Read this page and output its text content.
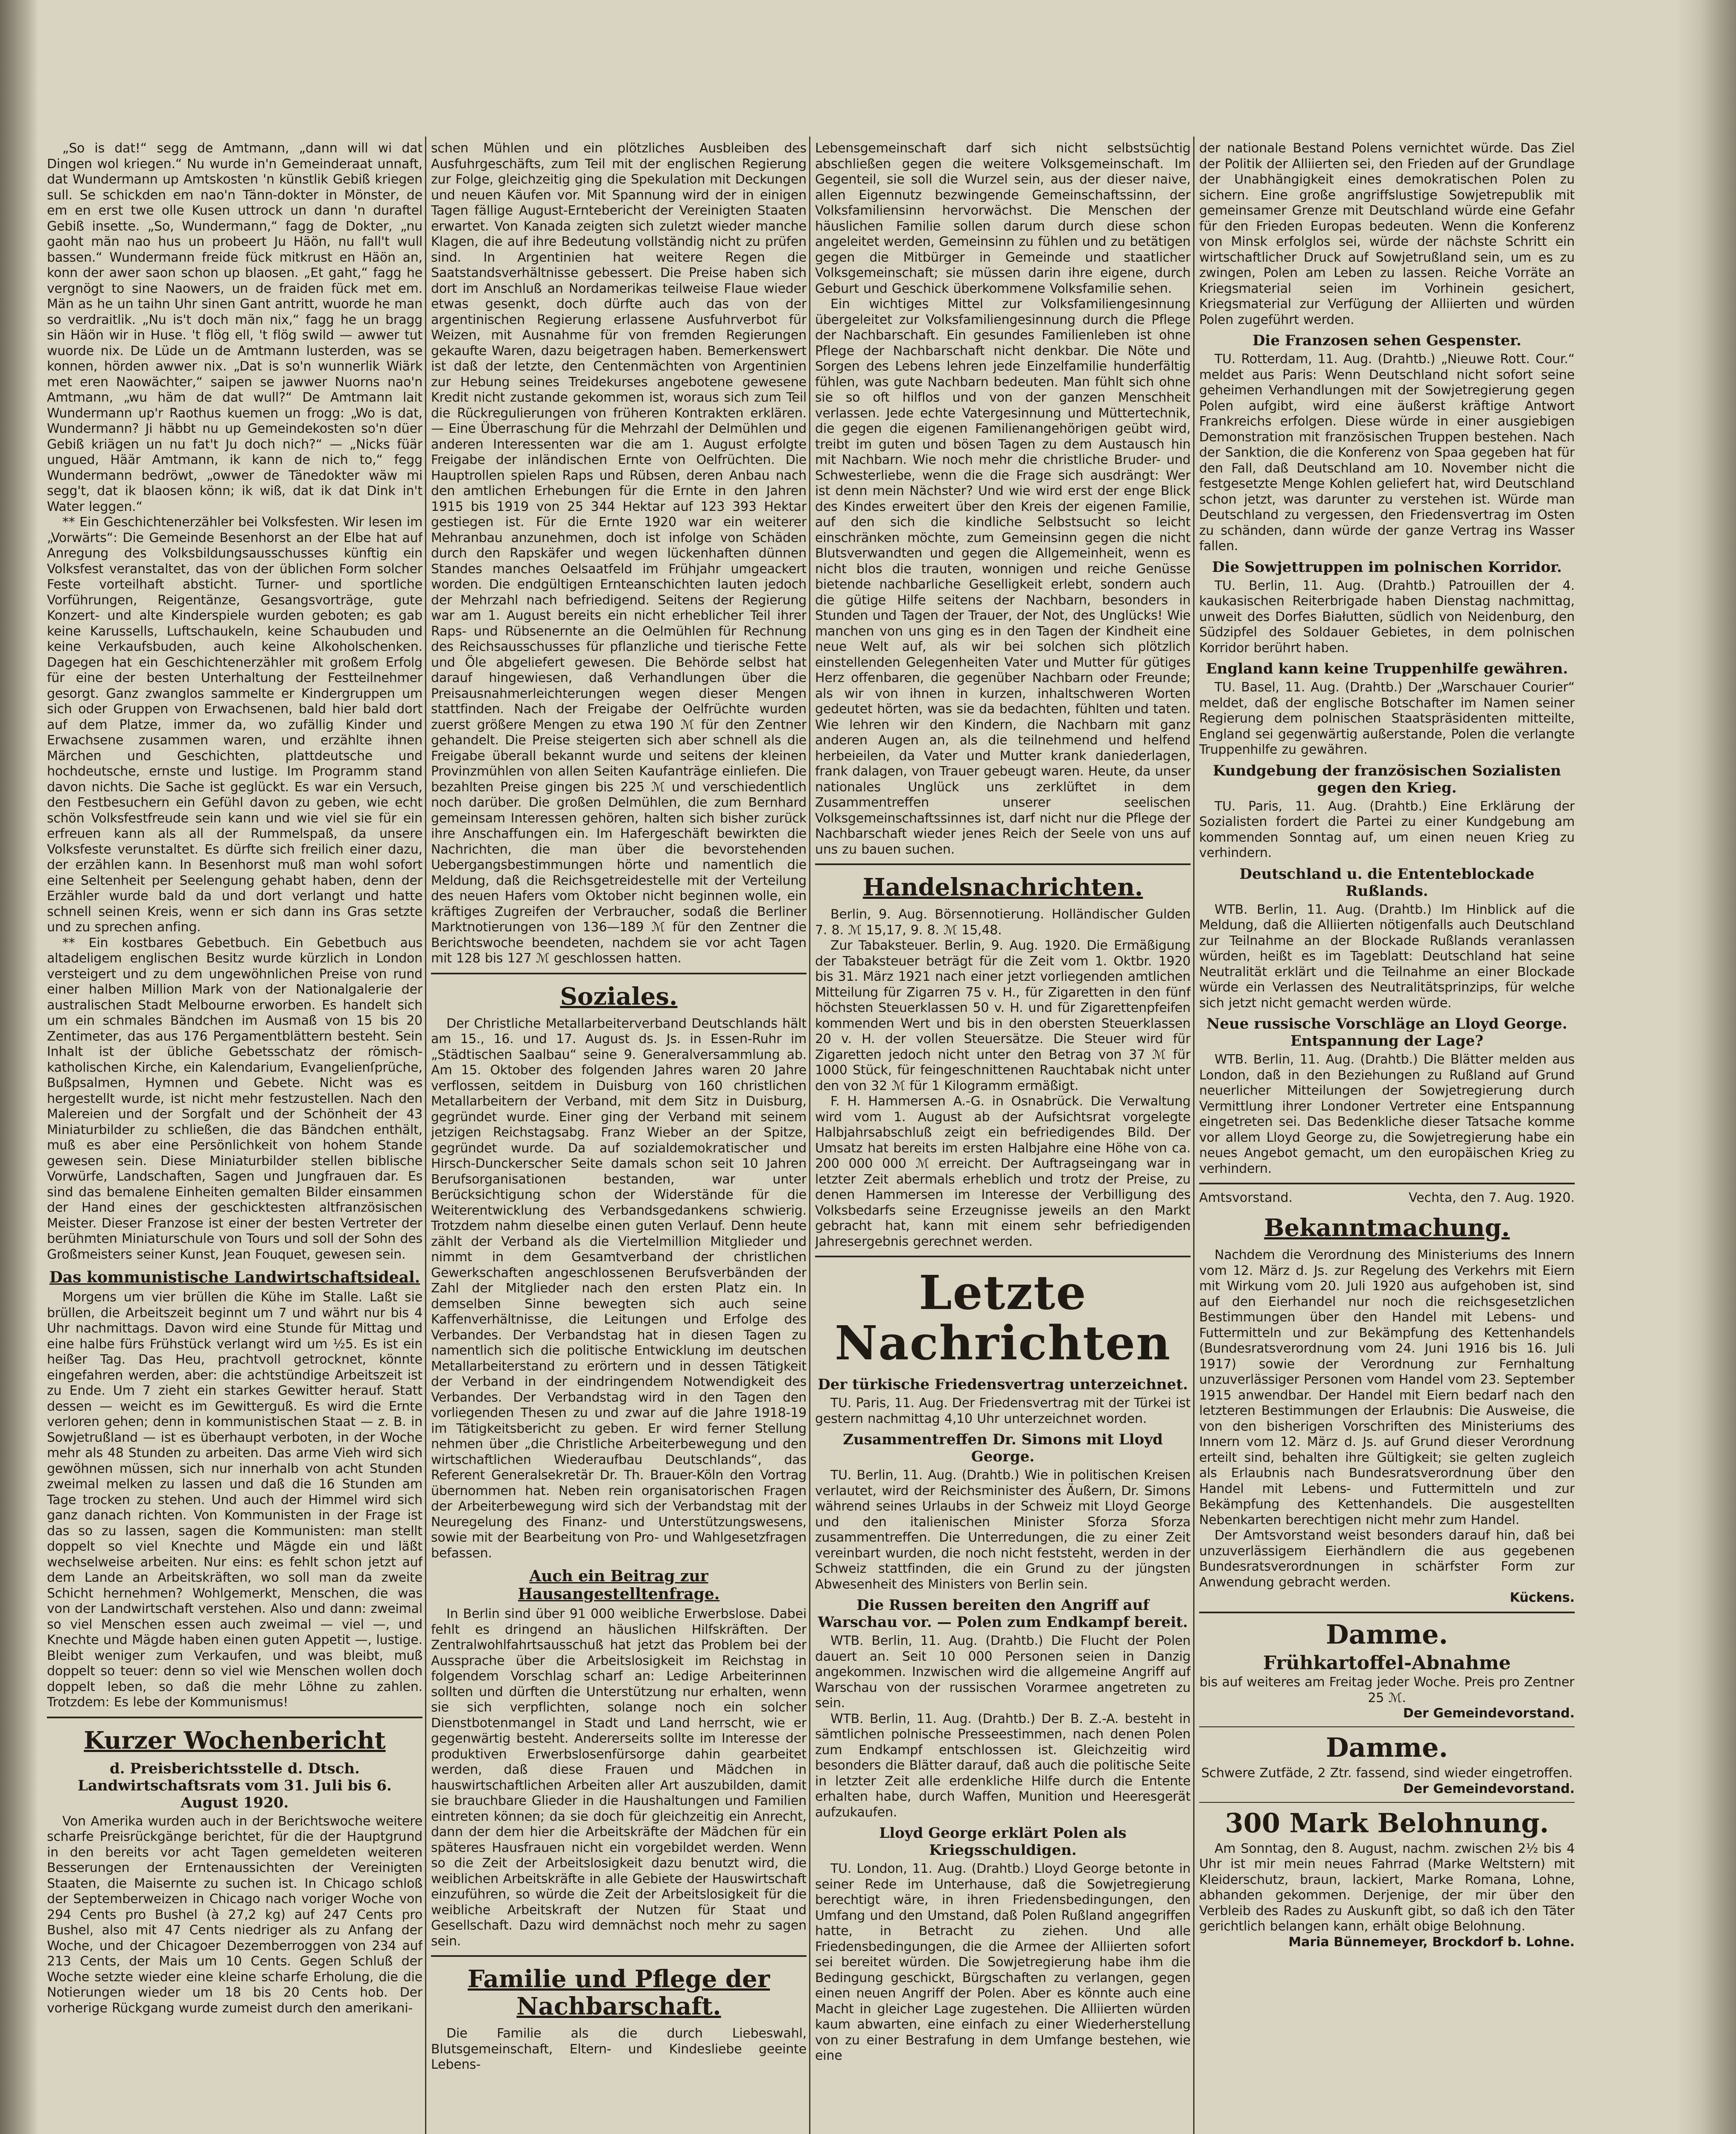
„So is dat!“ segg de Amtmann, „dann will wi dat Dingen wol kriegen.“ Nu wurde in'n Gemeinderaat unnaft, dat Wundermann up Amtskosten 'n künstlik Gebiß kriegen sull. Se schickden em nao'n Tänn-dokter in Mönster, de em en erst twe olle Kusen uttrock un dann 'n duraftel Gebiß insette. „So, Wundermann,“ fagg de Dokter, „nu gaoht män nao hus un probeert Ju Häön, nu fall't wull bassen.“ Wundermann freide fück mitkrust en Häön an, konn der awer saon schon up blaosen. „Et gaht,“ fagg he vergnögt to sine Naowers, un de fraiden fück met em. Män as he un taihn Uhr sinen Gant antritt, wuorde he man so verdraitlik. „Nu is't doch män nix,“ fagg he un bragg sin Häön wir in Huse. 't flög ell, 't flög swild — awwer tut wuorde nix. De Lüde un de Amtmann lusterden, was se konnen, hörden awwer nix. „Dat is so'n wunnerlik Wiärk met eren Naowächter,“ saipen se jawwer Nuorns nao'n Amtmann, „wu häm de dat wull?“ De Amtmann lait Wundermann up'r Raothus kuemen un frogg: „Wo is dat, Wundermann? Ji häbbt nu up Gemeindekosten so'n düer Gebiß kriägen un nu fat't Ju doch nich?“ — „Nicks füär ungued, Häär Amtmann, ik kann de nich to,“ fegg Wundermann bedröwt, „owwer de Tänedokter wäw mi segg't, dat ik blaosen könn; ik wiß, dat ik dat Dink in't Water leggen.“

** Ein Geschichtenerzähler bei Volksfesten. Wir lesen im „Vorwärts“: Die Gemeinde Besenhorst an der Elbe hat auf Anregung des Volksbildungsausschusses künftig ein Volksfest veranstaltet, das von der üblichen Form solcher Feste vorteilhaft absticht. Turner- und sportliche Vorführungen, Reigentänze, Gesangsvorträge, gute Konzert- und alte Kinderspiele wurden geboten; es gab keine Karussells, Luftschaukeln, keine Schaubuden und keine Verkaufsbuden, auch keine Alkoholschenken. Dagegen hat ein Geschichtenerzähler mit großem Erfolg für eine der besten Unterhaltung der Festteilnehmer gesorgt. Ganz zwanglos sammelte er Kindergruppen um sich oder Gruppen von Erwachsenen, bald hier bald dort auf dem Platze, immer da, wo zufällig Kinder und Erwachsene zusammen waren, und erzählte ihnen Märchen und Geschichten, plattdeutsche und hochdeutsche, ernste und lustige. Im Programm stand davon nichts. Die Sache ist geglückt. Es war ein Versuch, den Festbesuchern ein Gefühl davon zu geben, wie echt schön Volksfestfreude sein kann und wie viel sie für ein erfreuen kann als all der Rummelspaß, da unsere Volksfeste verunstaltet. Es dürfte sich freilich einer dazu, der erzählen kann. In Besenhorst muß man wohl sofort eine Seltenheit per Seelengung gehabt haben, denn der Erzähler wurde bald da und dort verlangt und hatte schnell seinen Kreis, wenn er sich dann ins Gras setzte und zu sprechen anfing.

** Ein kostbares Gebetbuch. Ein Gebetbuch aus altadeligem englischen Besitz wurde kürzlich in London versteigert und zu dem ungewöhnlichen Preise von rund einer halben Million Mark von der Nationalgalerie der australischen Stadt Melbourne erworben. Es handelt sich um ein schmales Bändchen im Ausmaß von 15 bis 20 Zentimeter, das aus 176 Pergamentblättern besteht. Sein Inhalt ist der übliche Gebetsschatz der römisch-katholischen Kirche, ein Kalendarium, Evangelienſprüche, Bußpsalmen, Hymnen und Gebete. Nicht was es hergestellt wurde, ist nicht mehr festzustellen. Nach den Malereien und der Sorgfalt und der Schönheit der 43 Miniaturbilder zu schließen, die das Bändchen enthält, muß es aber eine Persönlichkeit von hohem Stande gewesen sein. Diese Miniaturbilder stellen biblische Vorwürfe, Landschaften, Sagen und Jungfrauen dar. Es sind das bemalene Einheiten gemalten Bilder einsammen der Hand eines der geschicktesten altfranzösischen Meister. Dieser Franzose ist einer der besten Vertreter der berühmten Miniaturschule von Tours und soll der Sohn des Großmeisters seiner Kunst, Jean Fouquet, gewesen sein.

Das kommunistische Landwirtschaftsideal.

Morgens um vier brüllen die Kühe im Stalle. Laßt sie brüllen, die Arbeitszeit beginnt um 7 und währt nur bis 4 Uhr nachmittags. Davon wird eine Stunde für Mittag und eine halbe fürs Frühstück verlangt wird um ½5. Es ist ein heißer Tag. Das Heu, prachtvoll getrocknet, könnte eingefahren werden, aber: die achtstündige Arbeitszeit ist zu Ende. Um 7 zieht ein starkes Gewitter herauf. Statt dessen — weicht es im Gewitterguß. Es wird die Ernte verloren gehen; denn in kommunistischen Staat — z. B. in Sowjetrußland — ist es überhaupt verboten, in der Woche mehr als 48 Stunden zu arbeiten. Das arme Vieh wird sich gewöhnen müssen, sich nur innerhalb von acht Stunden zweimal melken zu lassen und daß die 16 Stunden am Tage trocken zu stehen. Und auch der Himmel wird sich ganz danach richten. Von Kommunisten in der Frage ist das so zu lassen, sagen die Kommunisten: man stellt doppelt so viel Knechte und Mägde ein und läßt wechselweise arbeiten. Nur eins: es fehlt schon jetzt auf dem Lande an Arbeitskräften, wo soll man da zweite Schicht hernehmen? Wohlgemerkt, Menschen, die was von der Landwirtschaft verstehen. Also und dann: zweimal so viel Menschen essen auch zweimal — viel —, und Knechte und Mägde haben einen guten Appetit —, lustige. Bleibt weniger zum Verkaufen, und was bleibt, muß doppelt so teuer: denn so viel wie Menschen wollen doch doppelt leben, so daß die mehr Löhne zu zahlen. Trotzdem: Es lebe der Kommunismus!

Kurzer Wochenbericht
d. Preisberichtsstelle d. Dtsch. Landwirtschaftsrats vom 31. Juli bis 6. August 1920.

Von Amerika wurden auch in der Berichtswoche weitere scharfe Preisrückgänge berichtet, für die der Hauptgrund in den bereits vor acht Tagen gemeldeten weiteren Besserungen der Erntenaussichten der Vereinigten Staaten, die Maisernte zu suchen ist. In Chicago schloß der Septemberweizen in Chicago nach voriger Woche von 294 Cents pro Bushel (à 27,2 kg) auf 247 Cents pro Bushel, also mit 47 Cents niedriger als zu Anfang der Woche, und der Chicagoer Dezemberroggen von 234 auf 213 Cents, der Mais um 10 Cents. Gegen Schluß der Woche setzte wieder eine kleine scharfe Erholung, die die Notierungen wieder um 18 bis 20 Cents hob. Der vorherige Rückgang wurde zumeist durch den amerikani-

schen Mühlen und ein plötzliches Ausbleiben des Ausfuhrgeschäfts, zum Teil mit der englischen Regierung zur Folge, gleichzeitig ging die Spekulation mit Deckungen und neuen Käufen vor. Mit Spannung wird der in einigen Tagen fällige August-Erntebericht der Vereinigten Staaten erwartet. Von Kanada zeigten sich zuletzt wieder manche Klagen, die auf ihre Bedeutung vollständig nicht zu prüfen sind. In Argentinien hat weitere Regen die Saatstandsverhältnisse gebessert. Die Preise haben sich dort im Anschluß an Nordamerikas teilweise Flaue wieder etwas gesenkt, doch dürfte auch das von der argentinischen Regierung erlassene Ausfuhrverbot für Weizen, mit Ausnahme für von fremden Regierungen gekaufte Waren, dazu beigetragen haben. Bemerkenswert ist daß der letzte, den Centenmächten von Argentinien zur Hebung seines Treidekurses angebotene gewesene Kredit nicht zustande gekommen ist, woraus sich zum Teil die Rückregulierungen von früheren Kontrakten erklären. — Eine Überraschung für die Mehrzahl der Delmühlen und anderen Interessenten war die am 1. August erfolgte Freigabe der inländischen Ernte von Oelfrüchten. Die Hauptrollen spielen Raps und Rübsen, deren Anbau nach den amtlichen Erhebungen für die Ernte in den Jahren 1915 bis 1919 von 25 344 Hektar auf 123 393 Hektar gestiegen ist. Für die Ernte 1920 war ein weiterer Mehranbau anzunehmen, doch ist infolge von Schäden durch den Rapskäfer und wegen lückenhaften dünnen Standes manches Oelsaatfeld im Frühjahr umgeackert worden. Die endgültigen Ernteanschichten lauten jedoch der Mehrzahl nach befriedigend. Seitens der Regierung war am 1. August bereits ein nicht erheblicher Teil ihrer Raps- und Rübsenernte an die Oelmühlen für Rechnung des Reichsausschusses für pflanzliche und tierische Fette und Öle abgeliefert gewesen. Die Behörde selbst hat darauf hingewiesen, daß Verhandlungen über die Preisausnahmerleichterungen wegen dieser Mengen stattfinden. Nach der Freigabe der Oelfrüchte wurden zuerst größere Mengen zu etwa 190 ℳ für den Zentner gehandelt. Die Preise steigerten sich aber schnell als die Freigabe überall bekannt wurde und seitens der kleinen Provinzmühlen von allen Seiten Kaufanträge einliefen. Die bezahlten Preise gingen bis 225 ℳ und verschiedentlich noch darüber. Die großen Delmühlen, die zum Bernhard gemeinsam Interessen gehören, halten sich bisher zurück ihre Anschaffungen ein. Im Hafergeschäft bewirkten die Nachrichten, die man über die bevorstehenden Uebergangsbestimmungen hörte und namentlich die Meldung, daß die Reichsgetreidestelle mit der Verteilung des neuen Hafers vom Oktober nicht beginnen wolle, ein kräftiges Zugreifen der Verbraucher, sodaß die Berliner Marktnotierungen von 136—189 ℳ für den Zentner die Berichtswoche beendeten, nachdem sie vor acht Tagen mit 128 bis 127 ℳ geschlossen hatten.

Soziales.

Der Christliche Metallarbeiterverband Deutschlands hält am 15., 16. und 17. August ds. Js. in Essen-Ruhr im „Städtischen Saalbau“ seine 9. Generalversammlung ab. Am 15. Oktober des folgenden Jahres waren 20 Jahre verflossen, seitdem in Duisburg von 160 christlichen Metallarbeitern der Verband, mit dem Sitz in Duisburg, gegründet wurde. Einer ging der Verband mit seinem jetzigen Reichstagsabg. Franz Wieber an der Spitze, gegründet wurde. Da auf sozialdemokratischer und Hirsch-Dunckerscher Seite damals schon seit 10 Jahren Berufsorganisationen bestanden, war unter Berücksichtigung schon der Widerstände für die Weiterentwicklung des Verbandsgedankens schwierig. Trotzdem nahm dieselbe einen guten Verlauf. Denn heute zählt der Verband als die Viertelmillion Mitglieder und nimmt in dem Gesamtverband der christlichen Gewerkschaften angeschlossenen Berufsverbänden der Zahl der Mitglieder nach den ersten Platz ein. In demselben Sinne bewegten sich auch seine Kaffenverhältnisse, die Leitungen und Erfolge des Verbandes. Der Verbandstag hat in diesen Tagen zu namentlich sich die politische Entwicklung im deutschen Metallarbeiterstand zu erörtern und in dessen Tätigkeit der Verband in der eindringendem Notwendigkeit des Verbandes. Der Verbandstag wird in den Tagen den vorliegenden Thesen zu und zwar auf die Jahre 1918-19 im Tätigkeitsbericht zu geben. Er wird ferner Stellung nehmen über „die Christliche Arbeiterbewegung und den wirtschaftlichen Wiederaufbau Deutschlands“, das Referent Generalsekretär Dr. Th. Brauer-Köln den Vortrag übernommen hat. Neben rein organisatorischen Fragen der Arbeiterbewegung wird sich der Verbandstag mit der Neuregelung des Finanz- und Unterstützungswesens, sowie mit der Bearbeitung von Pro- und Wahlgesetzfragen befassen.

Auch ein Beitrag zur Hausangestelltenfrage.

In Berlin sind über 91 000 weibliche Erwerbslose. Dabei fehlt es dringend an häuslichen Hilfskräften. Der Zentralwohlfahrtsausschuß hat jetzt das Problem bei der Aussprache über die Arbeitslosigkeit im Reichstag in folgendem Vorschlag scharf an: Ledige Arbeiterinnen sollten und dürften die Unterstützung nur erhalten, wenn sie sich verpflichten, solange noch ein solcher Dienstbotenmangel in Stadt und Land herrscht, wie er gegenwärtig besteht. Andererseits sollte im Interesse der produktiven Erwerbslosenfürsorge dahin gearbeitet werden, daß diese Frauen und Mädchen in hauswirtschaftlichen Arbeiten aller Art auszubilden, damit sie brauchbare Glieder in die Haushaltungen und Familien eintreten können; da sie doch für gleichzeitig ein Anrecht, dann der dem hier die Arbeitskräfte der Mädchen für ein späteres Hausfrauen nicht ein vorgebildet werden. Wenn so die Zeit der Arbeitslosigkeit dazu benutzt wird, die weiblichen Arbeitskräfte in alle Gebiete der Hauswirtschaft einzuführen, so würde die Zeit der Arbeitslosigkeit für die weibliche Arbeitskraft der Nutzen für Staat und Gesellschaft. Dazu wird demnächst noch mehr zu sagen sein.

Familie und Pflege der Nachbarschaft.

Die Familie als die durch Liebeswahl, Blutsgemeinschaft, Eltern- und Kindesliebe geeinte Lebens-

Lebensgemeinschaft darf sich nicht selbstsüchtig abschließen gegen die weitere Volksgemeinschaft. Im Gegenteil, sie soll die Wurzel sein, aus der dieser naive, allen Eigennutz bezwingende Gemeinschaftssinn, der Volksfamiliensinn hervorwächst. Die Menschen der häuslichen Familie sollen darum durch diese schon angeleitet werden, Gemeinsinn zu fühlen und zu betätigen gegen die Mitbürger in Gemeinde und staatlicher Volksgemeinschaft; sie müssen darin ihre eigene, durch Geburt und Geschick überkommene Volksfamilie sehen.

Ein wichtiges Mittel zur Volksfamiliengesinnung übergeleitet zur Volksfamiliengesinnung durch die Pflege der Nachbarschaft. Ein gesundes Familienleben ist ohne Pflege der Nachbarschaft nicht denkbar. Die Nöte und Sorgen des Lebens lehren jede Einzelfamilie hunderfältig fühlen, was gute Nachbarn bedeuten. Man fühlt sich ohne sie so oft hilflos und von der ganzen Menschheit verlassen. Jede echte Vatergesinnung und Müttertechnik, die gegen die eigenen Familienangehörigen geübt wird, treibt im guten und bösen Tagen zu dem Austausch hin mit Nachbarn. Wie noch mehr die christliche Bruder- und Schwesterliebe, wenn die die Frage sich ausdrängt: Wer ist denn mein Nächster? Und wie wird erst der enge Blick des Kindes erweitert über den Kreis der eigenen Familie, auf den sich die kindliche Selbstsucht so leicht einschränken möchte, zum Gemeinsinn gegen die nicht Blutsverwandten und gegen die Allgemeinheit, wenn es nicht blos die trauten, wonnigen und reiche Genüsse bietende nachbarliche Geselligkeit erlebt, sondern auch die gütige Hilfe seitens der Nachbarn, besonders in Stunden und Tagen der Trauer, der Not, des Unglücks! Wie manchen von uns ging es in den Tagen der Kindheit eine neue Welt auf, als wir bei solchen sich plötzlich einstellenden Gelegenheiten Vater und Mutter für gütiges Herz offenbaren, die gegenüber Nachbarn oder Freunde; als wir von ihnen in kurzen, inhaltschweren Worten gedeutet hörten, was sie da bedachten, fühlten und taten. Wie lehren wir den Kindern, die Nachbarn mit ganz anderen Augen an, als die teilnehmend und helfend herbeieilen, da Vater und Mutter krank daniederlagen, frank dalagen, von Trauer gebeugt waren. Heute, da unser nationales Unglück uns zerklüftet in dem Zusammentreffen unserer seelischen Volksgemeinschaftssinnes ist, darf nicht nur die Pflege der Nachbarschaft wieder jenes Reich der Seele von uns auf uns zu bauen suchen.

Handelsnachrichten.

Berlin, 9. Aug. Börsennotierung. Holländischer Gulden 7. 8. ℳ 15,17, 9. 8. ℳ 15,48.

Zur Tabaksteuer. Berlin, 9. Aug. 1920. Die Ermäßigung der Tabaksteuer beträgt für die Zeit vom 1. Oktbr. 1920 bis 31. März 1921 nach einer jetzt vorliegenden amtlichen Mitteilung für Zigarren 75 v. H., für Zigaretten in den fünf höchsten Steuerklassen 50 v. H. und für Zigarettenpfeifen kommenden Wert und bis in den obersten Steuerklassen 20 v. H. der vollen Steuersätze. Die Steuer wird für Zigaretten jedoch nicht unter den Betrag von 37 ℳ für 1000 Stück, für feingeschnittenen Rauchtabak nicht unter den von 32 ℳ für 1 Kilogramm ermäßigt.

F. H. Hammersen A.-G. in Osnabrück. Die Verwaltung wird vom 1. August ab der Aufsichtsrat vorgelegte Halbjahrsabschluß zeigt ein befriedigendes Bild. Der Umsatz hat bereits im ersten Halbjahre eine Höhe von ca. 200 000 000 ℳ erreicht. Der Auftragseingang war in letzter Zeit abermals erheblich und trotz der Preise, zu denen Hammersen im Interesse der Verbilligung des Volksbedarfs seine Erzeugnisse jeweils an den Markt gebracht hat, kann mit einem sehr befriedigenden Jahresergebnis gerechnet werden.

Letzte Nachrichten
Der türkische Friedensvertrag unterzeichnet.

TU. Paris, 11. Aug. Der Friedensvertrag mit der Türkei ist gestern nachmittag 4,10 Uhr unterzeichnet worden.

Zusammentreffen Dr. Simons mit Lloyd George.

TU. Berlin, 11. Aug. (Drahtb.) Wie in politischen Kreisen verlautet, wird der Reichsminister des Äußern, Dr. Simons während seines Urlaubs in der Schweiz mit Lloyd George und den italienischen Minister Sforza Sforza zusammentreffen. Die Unterredungen, die zu einer Zeit vereinbart wurden, die noch nicht feststeht, werden in der Schweiz stattfinden, die ein Grund zu der jüngsten Abwesenheit des Ministers von Berlin sein.

Die Russen bereiten den Angriff auf Warschau vor. — Polen zum Endkampf bereit.

WTB. Berlin, 11. Aug. (Drahtb.) Die Flucht der Polen dauert an. Seit 10 000 Personen seien in Danzig angekommen. Inzwischen wird die allgemeine Angriff auf Warschau von der russischen Vorarmee angetreten zu sein.

WTB. Berlin, 11. Aug. (Drahtb.) Der B. Z.-A. besteht in sämtlichen polnische Presseestimmen, nach denen Polen zum Endkampf entschlossen ist. Gleichzeitig wird besonders die Blätter darauf, daß auch die politische Seite in letzter Zeit alle erdenkliche Hilfe durch die Entente erhalten habe, durch Waffen, Munition und Heeresgerät aufzukaufen.

Lloyd George erklärt Polen als Kriegsschuldigen.

TU. London, 11. Aug. (Drahtb.) Lloyd George betonte in seiner Rede im Unterhause, daß die Sowjetregierung berechtigt wäre, in ihren Friedensbedingungen, den Umfang und den Umstand, daß Polen Rußland angegriffen hatte, in Betracht zu ziehen. Und alle Friedensbedingungen, die die Armee der Alliierten sofort sei bereitet würden. Die Sowjetregierung habe ihm die Bedingung geschickt, Bürgschaften zu verlangen, gegen einen neuen Angriff der Polen. Aber es könnte auch eine Macht in gleicher Lage zugestehen. Die Alliierten würden kaum abwarten, eine einfach zu einer Wiederherstellung von zu einer Bestrafung in dem Umfange bestehen, wie eine

der nationale Bestand Polens vernichtet würde. Das Ziel der Politik der Alliierten sei, den Frieden auf der Grundlage der Unabhängigkeit eines demokratischen Polen zu sichern. Eine große angriffslustige Sowjetrepublik mit gemeinsamer Grenze mit Deutschland würde eine Gefahr für den Frieden Europas bedeuten. Wenn die Konferenz von Minsk erfolglos sei, würde der nächste Schritt ein wirtschaftlicher Druck auf Sowjetrußland sein, um es zu zwingen, Polen am Leben zu lassen. Reiche Vorräte an Kriegsmaterial seien im Vorhinein gesichert, Kriegsmaterial zur Verfügung der Alliierten und würden Polen zugeführt werden.

Die Franzosen sehen Gespenster.

TU. Rotterdam, 11. Aug. (Drahtb.) „Nieuwe Rott. Cour.“ meldet aus Paris: Wenn Deutschland nicht sofort seine geheimen Verhandlungen mit der Sowjetregierung gegen Polen aufgibt, wird eine äußerst kräftige Antwort Frankreichs erfolgen. Diese würde in einer ausgiebigen Demonstration mit französischen Truppen bestehen. Nach der Sanktion, die die Konferenz von Spaa gegeben hat für den Fall, daß Deutschland am 10. November nicht die festgesetzte Menge Kohlen geliefert hat, wird Deutschland schon jetzt, was darunter zu verstehen ist. Würde man Deutschland zu vergessen, den Friedensvertrag im Osten zu schänden, dann würde der ganze Vertrag ins Wasser fallen.

Die Sowjettruppen im polnischen Korridor.

TU. Berlin, 11. Aug. (Drahtb.) Patrouillen der 4. kaukasischen Reiterbrigade haben Dienstag nachmittag, unweit des Dorfes Białutten, südlich von Neidenburg, den Südzipfel des Soldauer Gebietes, in dem polnischen Korridor berührt haben.

England kann keine Truppenhilfe gewähren.

TU. Basel, 11. Aug. (Drahtb.) Der „Warschauer Courier“ meldet, daß der englische Botschafter im Namen seiner Regierung dem polnischen Staatspräsidenten mitteilte, England sei gegenwärtig außerstande, Polen die verlangte Truppenhilfe zu gewähren.

Kundgebung der französischen Sozialisten gegen den Krieg.

TU. Paris, 11. Aug. (Drahtb.) Eine Erklärung der Sozialisten fordert die Partei zu einer Kundgebung am kommenden Sonntag auf, um einen neuen Krieg zu verhindern.

Deutschland u. die Ententeblockade Rußlands.

WTB. Berlin, 11. Aug. (Drahtb.) Im Hinblick auf die Meldung, daß die Alliierten nötigenfalls auch Deutschland zur Teilnahme an der Blockade Rußlands veranlassen würden, heißt es im Tageblatt: Deutschland hat seine Neutralität erklärt und die Teilnahme an einer Blockade würde ein Verlassen des Neutralitätsprinzips, für welche sich jetzt nicht gemacht werden würde.

Neue russische Vorschläge an Lloyd George. Entspannung der Lage?

WTB. Berlin, 11. Aug. (Drahtb.) Die Blätter melden aus London, daß in den Beziehungen zu Rußland auf Grund neuerlicher Mitteilungen der Sowjetregierung durch Vermittlung ihrer Londoner Vertreter eine Entspannung eingetreten sei. Das Bedenkliche dieser Tatsache komme vor allem Lloyd George zu, die Sowjetregierung habe ein neues Angebot gemacht, um den europäischen Krieg zu verhindern.

Amtsvorstand.	Vechta, den 7. Aug. 1920.
Bekanntmachung.

Nachdem die Verordnung des Ministeriums des Innern vom 12. März d. Js. zur Regelung des Verkehrs mit Eiern mit Wirkung vom 20. Juli 1920 aus aufgehoben ist, sind auf den Eierhandel nur noch die reichsgesetzlichen Bestimmungen über den Handel mit Lebens- und Futtermitteln und zur Bekämpfung des Kettenhandels (Bundesratsverordnung vom 24. Juni 1916 bis 16. Juli 1917) sowie der Verordnung zur Fernhaltung unzuverlässiger Personen vom Handel vom 23. September 1915 anwendbar. Der Handel mit Eiern bedarf nach den letzteren Bestimmungen der Erlaubnis: Die Ausweise, die von den bisherigen Vorschriften des Ministeriums des Innern vom 12. März d. Js. auf Grund dieser Verordnung erteilt sind, behalten ihre Gültigkeit; sie gelten zugleich als Erlaubnis nach Bundesratsverordnung über den Handel mit Lebens- und Futtermitteln und zur Bekämpfung des Kettenhandels. Die ausgestellten Nebenkarten berechtigen nicht mehr zum Handel.

Der Amtsvorstand weist besonders darauf hin, daß bei unzuverlässigem Eierhändlern die aus gegebenen Bundesratsverordnungen in schärfster Form zur Anwendung gebracht werden.

Kückens.
Damme.
Frühkartoffel-Abnahme

bis auf weiteres am Freitag jeder Woche. Preis pro Zentner 25 ℳ.

Der Gemeindevorstand.
Damme.

Schwere Zutfäde, 2 Ztr. fassend, sind wieder eingetroffen.

Der Gemeindevorstand.
300 Mark Belohnung.

Am Sonntag, den 8. August, nachm. zwischen 2½ bis 4 Uhr ist mir mein neues Fahrrad (Marke Weltstern) mit Kleiderschutz, braun, lackiert, Marke Romana, Lohne, abhanden gekommen. Derjenige, der mir über den Verbleib des Rades zu Auskunft gibt, so daß ich den Täter gerichtlich belangen kann, erhält obige Belohnung.

Maria Bünnemeyer, Brockdorf b. Lohne.
